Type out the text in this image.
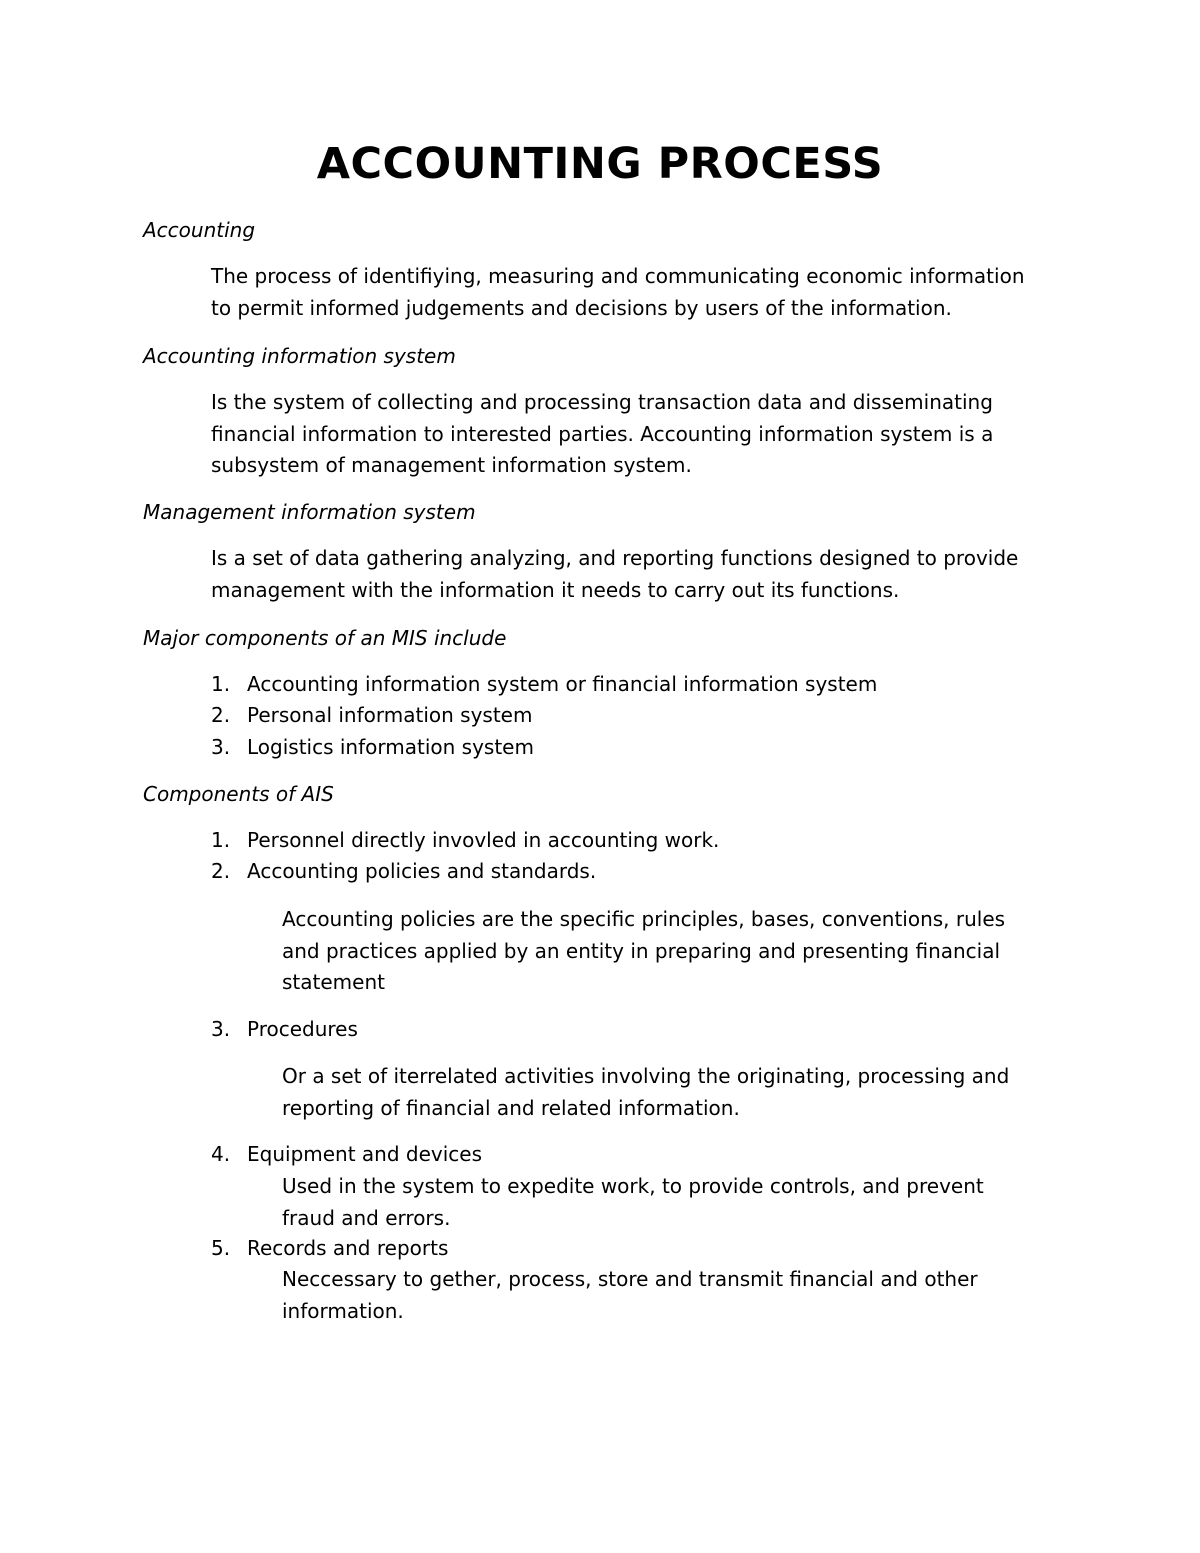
ACCOUNTING PROCESS
Accounting
The process of identifiying, measuring and communicating economic information
to permit informed judgements and decisions by users of the information.
Accounting information system
Is the system of collecting and processing transaction data and disseminating
financial information to interested parties. Accounting information system is a
subsystem of management information system.
Management information system
Is a set of data gathering analyzing, and reporting functions designed to provide
management with the information it needs to carry out its functions.
Major components of an MIS include
1. Accounting information system or financial information system
2. Personal information system
3. Logistics information system
Components of AIS
1. Personnel directly invovled in accounting work.
2. Accounting policies and standards.
Accounting policies are the specific principles, bases, conventions, rules
and practices applied by an entity in preparing and presenting financial
statement
3. Procedures
Or a set of iterrelated activities involving the originating, processing and
reporting of financial and related information.
4. Equipment and devices
Used in the system to expedite work, to provide controls, and prevent
fraud and errors.
5. Records and reports
Neccessary to gether, process, store and transmit financial and other
information.
